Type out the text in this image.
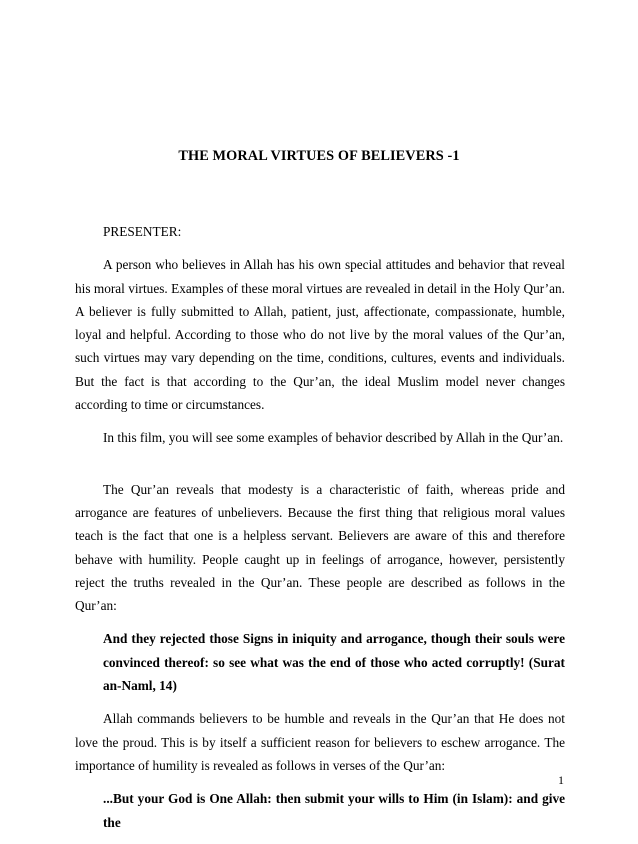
THE MORAL VIRTUES OF BELIEVERS -1

PRESENTER:

A person who believes in Allah has his own special attitudes and behavior that reveal his moral virtues. Examples of these moral virtues are revealed in detail in the Holy Qur’an. A believer is fully submitted to Allah, patient, just, affectionate, compassionate, humble, loyal and helpful. According to those who do not live by the moral values of the Qur’an, such virtues may vary depending on the time, conditions, cultures, events and individuals. But the fact is that according to the Qur’an, the ideal Muslim model never changes according to time or circumstances.

In this film, you will see some examples of behavior described by Allah in the Qur’an.

The Qur’an reveals that modesty is a characteristic of faith, whereas pride and arrogance are features of unbelievers. Because the first thing that religious moral values teach is the fact that one is a helpless servant. Believers are aware of this and therefore behave with humility. People caught up in feelings of arrogance, however, persistently reject the truths revealed in the Qur’an. These people are described as follows in the Qur’an:

And they rejected those Signs in iniquity and arrogance, though their souls were convinced thereof: so see what was the end of those who acted corruptly! (Surat an-Naml, 14)

Allah commands believers to be humble and reveals in the Qur’an that He does not love the proud. This is by itself a sufficient reason for believers to eschew arrogance. The importance of humility is revealed as follows in verses of the Qur’an:

...But your God is One Allah: then submit your wills to Him (in Islam): and give the

1
